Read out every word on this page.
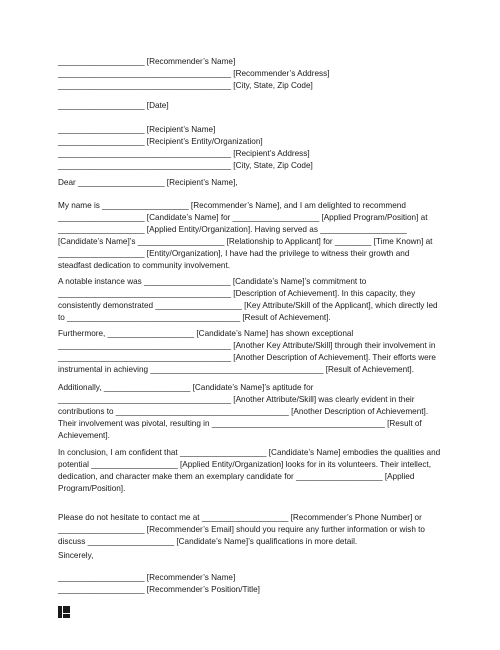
___________________ [Recommender’s Name]
______________________________________ [Recommender’s Address]
______________________________________ [City, State, Zip Code]
___________________ [Date]
___________________ [Recipient’s Name]
___________________ [Recipient’s Entity/Organization]
______________________________________ [Recipient’s Address]
______________________________________ [City, State, Zip Code]
Dear ___________________ [Recipient’s Name],
My name is ___________________ [Recommender’s Name], and I am delighted to recommend ___________________ [Candidate’s Name] for ___________________ [Applied Program/Position] at ___________________ [Applied Entity/Organization]. Having served as ___________________ [Candidate’s Name]’s ___________________ [Relationship to Applicant] for ________ [Time Known] at ___________________ [Entity/Organization], I have had the privilege to witness their growth and steadfast dedication to community involvement.
A notable instance was ___________________ [Candidate’s Name]’s commitment to ______________________________________ [Description of Achievement]. In this capacity, they consistently demonstrated ___________________ [Key Attribute/Skill of the Applicant], which directly led to ______________________________________ [Result of Achievement].
Furthermore, ___________________ [Candidate’s Name] has shown exceptional ______________________________________ [Another Key Attribute/Skill] through their involvement in ______________________________________ [Another Description of Achievement]. Their efforts were instrumental in achieving ______________________________________ [Result of Achievement].
Additionally, ___________________ [Candidate’s Name]’s aptitude for ______________________________________ [Another Attribute/Skill] was clearly evident in their contributions to ______________________________________ [Another Description of Achievement]. Their involvement was pivotal, resulting in ______________________________________ [Result of Achievement].
In conclusion, I am confident that ___________________ [Candidate’s Name] embodies the qualities and potential ___________________ [Applied Entity/Organization] looks for in its volunteers. Their intellect, dedication, and character make them an exemplary candidate for ___________________ [Applied Program/Position].
Please do not hesitate to contact me at ___________________ [Recommender’s Phone Number] or ___________________ [Recommender’s Email] should you require any further information or wish to discuss ___________________ [Candidate’s Name]’s qualifications in more detail.
Sincerely,
___________________ [Recommender’s Name]
___________________ [Recommender’s Position/Title]
